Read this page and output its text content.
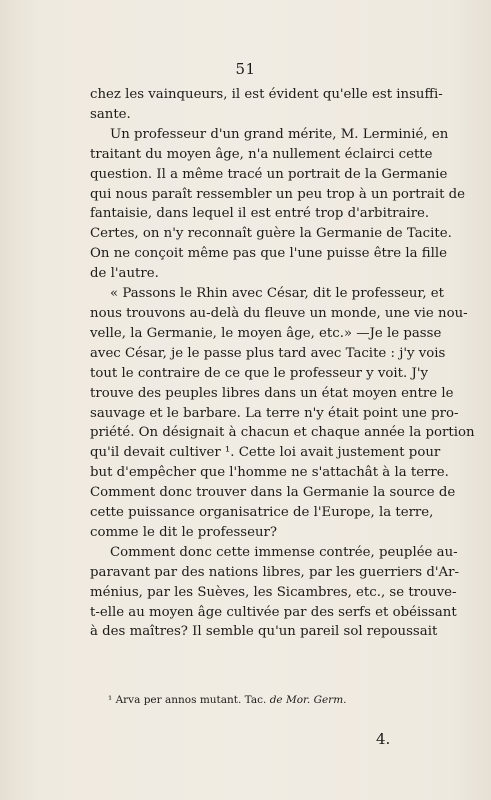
51

chez les vainqueurs, il est évident qu'elle est insuffi-
sante.

Un professeur d'un grand mérite, M. Lerminié, en
traitant du moyen âge, n'a nullement éclairci cette
question. Il a même tracé un portrait de la Germanie
qui nous paraît ressembler un peu trop à un portrait de
fantaisie, dans lequel il est entré trop d'arbitraire.
Certes, on n'y reconnaît guère la Germanie de Tacite.
On ne conçoit même pas que l'une puisse être la fille
de l'autre.

« Passons le Rhin avec César, dit le professeur, et
nous trouvons au-delà du fleuve un monde, une vie nou-
velle, la Germanie, le moyen âge, etc.» —Je le passe
avec César, je le passe plus tard avec Tacite : j'y vois
tout le contraire de ce que le professeur y voit. J'y
trouve des peuples libres dans un état moyen entre le
sauvage et le barbare. La terre n'y était point une pro-
priété. On désignait à chacun et chaque année la portion
qu'il devait cultiver ¹. Cette loi avait justement pour
but d'empêcher que l'homme ne s'attachât à la terre.
Comment donc trouver dans la Germanie la source de
cette puissance organisatrice de l'Europe, la terre,
comme le dit le professeur?

Comment donc cette immense contrée, peuplée au-
paravant par des nations libres, par les guerriers d'Ar-
ménius, par les Suèves, les Sicambres, etc., se trouve-
t-elle au moyen âge cultivée par des serfs et obéissant
à des maîtres? Il semble qu'un pareil sol repoussait

¹ Arva per annos mutant. Tac. de Mor. Germ.
4.
